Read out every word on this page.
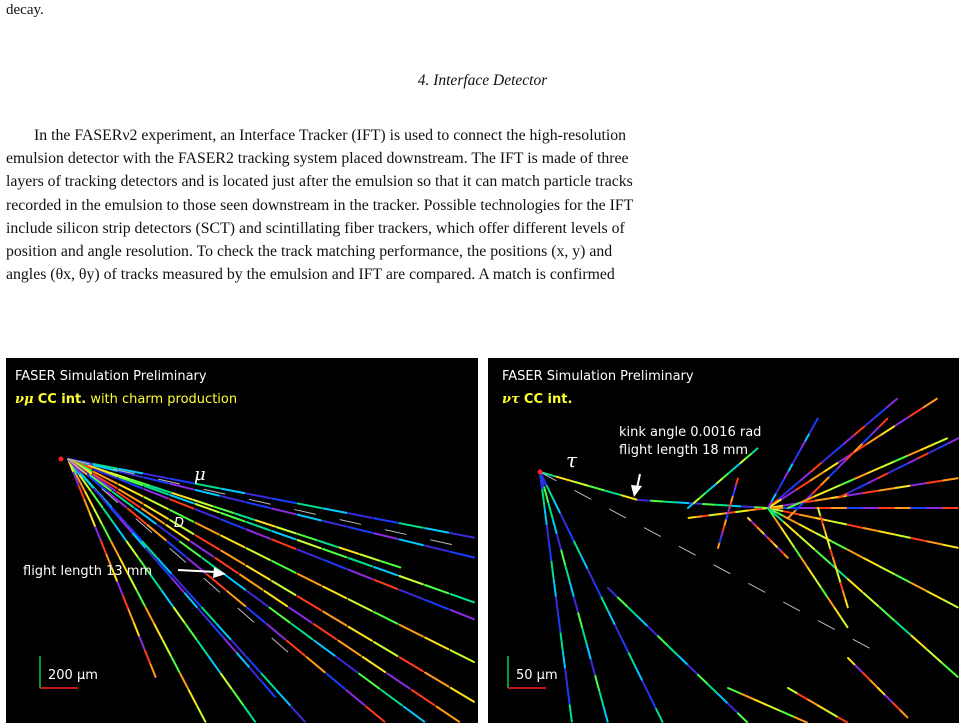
decay.
4. Interface Detector
In the FASERν2 experiment, an Interface Tracker (IFT) is used to connect the high-resolution
emulsion detector with the FASER2 tracking system placed downstream. The IFT is made of three
layers of tracking detectors and is located just after the emulsion so that it can match particle tracks
recorded in the emulsion to those seen downstream in the tracker. Possible technologies for the IFT
include silicon strip detectors (SCT) and scintillating fiber trackers, which offer different levels of
position and angle resolution. To check the track matching performance, the positions (x, y) and
angles (θx, θy) of tracks measured by the emulsion and IFT are compared. A match is confirmed
FASER Simulation Preliminary
νμ CC int. with charm production
μ
D
flight length 13 mm
200 μm
FASER Simulation Preliminary
ντ CC int.
τ
kink angle 0.0016 rad
flight length 18 mm
50 μm
